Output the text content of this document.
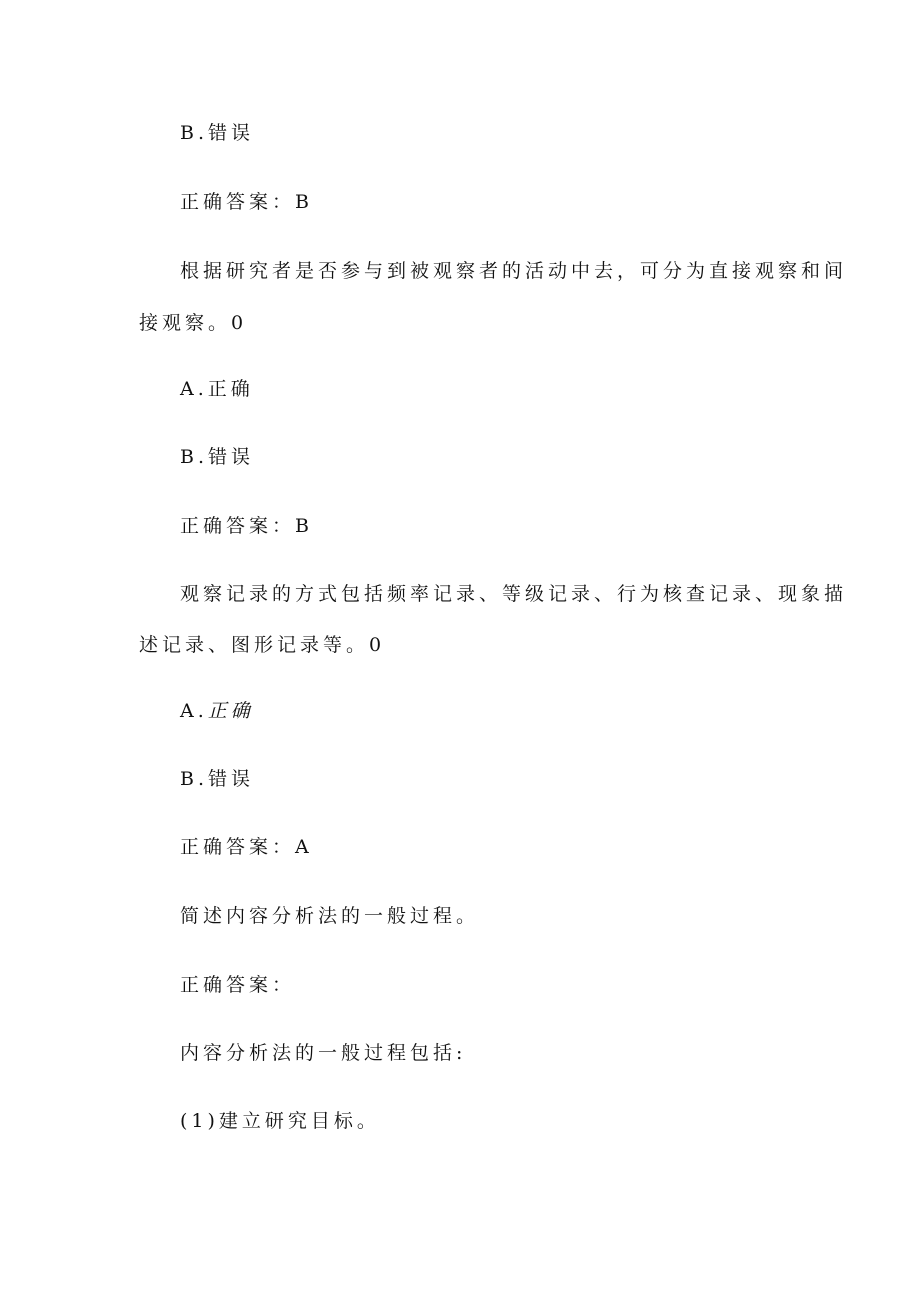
B.错误

正确答案：B

根据研究者是否参与到被观察者的活动中去，可分为直接观察和间

接观察。0

A.正确

B.错误

正确答案：B

观察记录的方式包括频率记录、等级记录、行为核查记录、现象描

述记录、图形记录等。0

A.正确

B.错误

正确答案：A

简述内容分析法的一般过程。

正确答案：

内容分析法的一般过程包括:

(1)建立研究目标。
